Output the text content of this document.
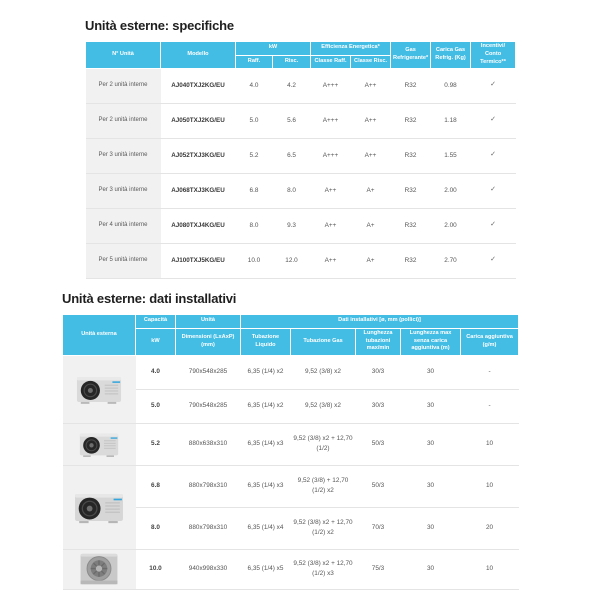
Unità esterne: specifiche
N° Unità	Modello	kW		Efficienza Energetica*		Gas Refrigerante*	Carica Gas Refrig. (Kg)	Incentivi/ Conto Termico**
		Raff.	Risc.	Classe Raff.	Classe Risc.			
Per 2 unità interne	AJ040TXJ2KG/EU	4.0	4.2	A+++	A++	R32	0.98	✓
Per 2 unità interne	AJ050TXJ2KG/EU	5.0	5.6	A+++	A++	R32	1.18	✓
Per 3 unità interne	AJ052TXJ3KG/EU	5.2	6.5	A+++	A++	R32	1.55	✓
Per 3 unità interne	AJ068TXJ3KG/EU	6.8	8.0	A++	A+	R32	2.00	✓
Per 4 unità interne	AJ080TXJ4KG/EU	8.0	9.3	A++	A+	R32	2.00	✓
Per 5 unità interne	AJ100TXJ5KG/EU	10.0	12.0	A++	A+	R32	2.70	✓
Unità esterne: dati installativi
Unità esterna	Capacità	Unità	Dati installativi [ø, mm (pollici)]				
	kW	Dimensioni (LxAxP) (mm)	Tubazione Liquido	Tubazione Gas	Lunghezza tubazioni max/min	Lunghezza max senza carica aggiuntiva (m)	Carica aggiuntiva (g/m)

	4.0	790x548x285	6,35 (1/4) x2	9,52 (3/8) x2	30/3	30	-
	5.0	790x548x285	6,35 (1/4) x2	9,52 (3/8) x2	30/3	30	-

	5.2	880x638x310	6,35 (1/4) x3	9,52 (3/8) x2 + 12,70 (1/2)	50/3	30	10

	6.8	880x798x310	6,35 (1/4) x3	9,52 (3/8) + 12,70 (1/2) x2	50/3	30	10
	8.0	880x798x310	6,35 (1/4) x4	9,52 (3/8) x2 + 12,70 (1/2) x2	70/3	30	20

	10.0	940x998x330	6,35 (1/4) x5	9,52 (3/8) x2 + 12,70 (1/2) x3	75/3	30	10
